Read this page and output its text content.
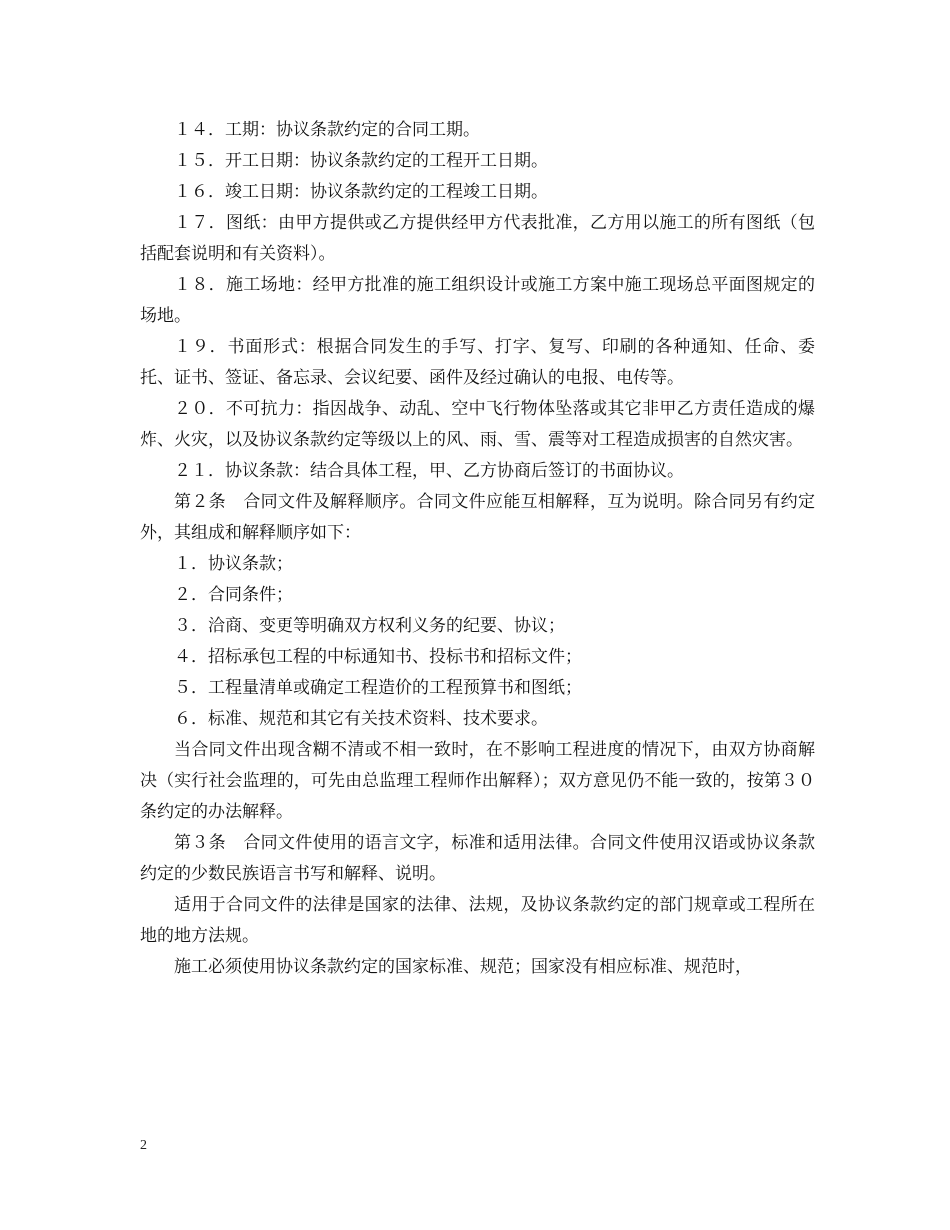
１４．工期：协议条款约定的合同工期。

１５．开工日期：协议条款约定的工程开工日期。

１６．竣工日期：协议条款约定的工程竣工日期。

１７．图纸：由甲方提供或乙方提供经甲方代表批准，乙方用以施工的所有图纸（包括配套说明和有关资料）。

１８．施工场地：经甲方批准的施工组织设计或施工方案中施工现场总平面图规定的场地。

１９．书面形式：根据合同发生的手写、打字、复写、印刷的各种通知、任命、委托、证书、签证、备忘录、会议纪要、函件及经过确认的电报、电传等。

２０．不可抗力：指因战争、动乱、空中飞行物体坠落或其它非甲乙方责任造成的爆炸、火灾，以及协议条款约定等级以上的风、雨、雪、震等对工程造成损害的自然灾害。

２１．协议条款：结合具体工程，甲、乙方协商后签订的书面协议。

第２条　合同文件及解释顺序。合同文件应能互相解释，互为说明。除合同另有约定外，其组成和解释顺序如下：

１．协议条款；

２．合同条件；

３．洽商、变更等明确双方权利义务的纪要、协议；

４．招标承包工程的中标通知书、投标书和招标文件；

５．工程量清单或确定工程造价的工程预算书和图纸；

６．标准、规范和其它有关技术资料、技术要求。

当合同文件出现含糊不清或不相一致时，在不影响工程进度的情况下，由双方协商解决（实行社会监理的，可先由总监理工程师作出解释）；双方意见仍不能一致的，按第３０条约定的办法解释。

第３条　合同文件使用的语言文字，标准和适用法律。合同文件使用汉语或协议条款约定的少数民族语言书写和解释、说明。

适用于合同文件的法律是国家的法律、法规，及协议条款约定的部门规章或工程所在地的地方法规。

施工必须使用协议条款约定的国家标准、规范；国家没有相应标准、规范时，

2
